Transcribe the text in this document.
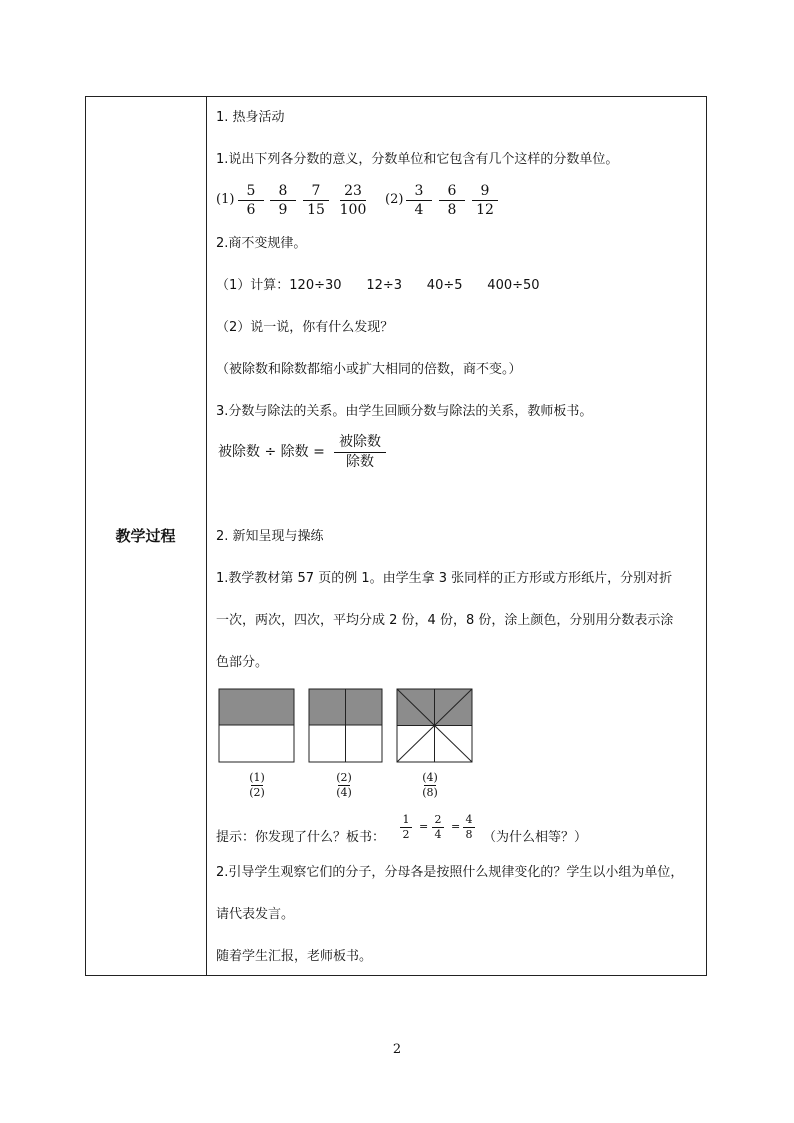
教学过程
1. 热身活动
1.说出下列各分数的意义，分数单位和它包含有几个这样的分数单位。
(1)
5
6
8
9
7
15
23
100
(2)
3
4
6
8
9
12
2.商不变规律。
（1）计算：120÷30      12÷3      40÷5      400÷50
（2）说一说，你有什么发现？
（被除数和除数都缩小或扩大相同的倍数，商不变。）
3.分数与除法的关系。由学生回顾分数与除法的关系，教师板书。
被除数 ÷ 除数 =
被除数
除数
2. 新知呈现与操练
1.教学教材第 57 页的例 1。由学生拿 3 张同样的正方形或方形纸片，分别对折
一次，两次，四次，平均分成 2 份，4 份，8 份，涂上颜色，分别用分数表示涂
色部分。
(1)
(2)
(2)
(4)
(4)
(8)
提示：你发现了什么？板书：
1
2
=
2
4
=
4
8 （为什么相等？）
2.引导学生观察它们的分子，分母各是按照什么规律变化的？学生以小组为单位，
请代表发言。
随着学生汇报，老师板书。
2
